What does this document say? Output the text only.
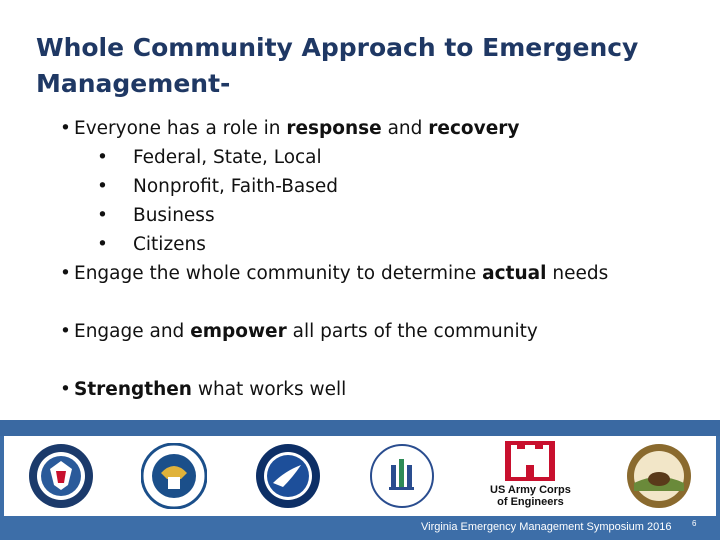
Whole Community Approach to Emergency
Management-
• Everyone has a role in response and recovery
• Federal, State, Local
• Nonprofit, Faith-Based
• Business
• Citizens
• Engage the whole community to determine actual needs
• Engage and empower all parts of the community
• Strengthen what works well
US Army Corps
of Engineers
Virginia Emergency Management Symposium 2016	6
